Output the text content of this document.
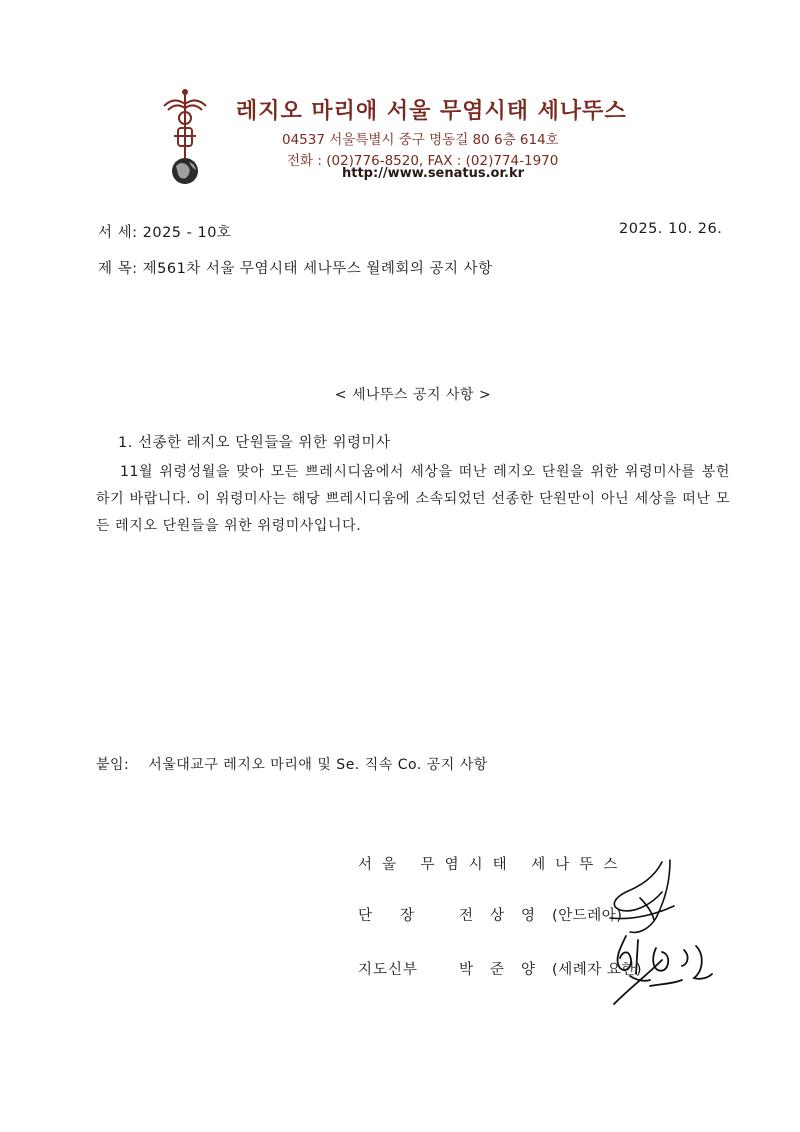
레지오 마리애 서울 무염시태 세나뚜스
04537 서울특별시 중구 명동길 80 6층 614호
전화 : (02)776-8520, FAX : (02)774-1970
http://www.senatus.or.kr
서 세: 2025 - 10호	2025. 10. 26.
제 목: 제561차 서울 무염시태 세나뚜스 월례회의 공지 사항
< 세나뚜스 공지 사항 >
1. 선종한 레지오 단원들을 위한 위령미사
11월 위령성월을 맞아 모든 쁘레시디움에서 세상을 떠난 레지오 단원을 위한 위령미사를 봉헌하기 바랍니다. 이 위령미사는 해당 쁘레시디움에 소속되었던 선종한 단원만이 아닌 세상을 떠난 모든 레지오 단원들을 위한 위령미사입니다.
붙임: 서울대교구 레지오 마리애 및 Se. 직속 Co. 공지 사항
서울 무염시태 세나뚜스
단장 전상영(안드레아)
지도신부	박준양(세례자 요한)
